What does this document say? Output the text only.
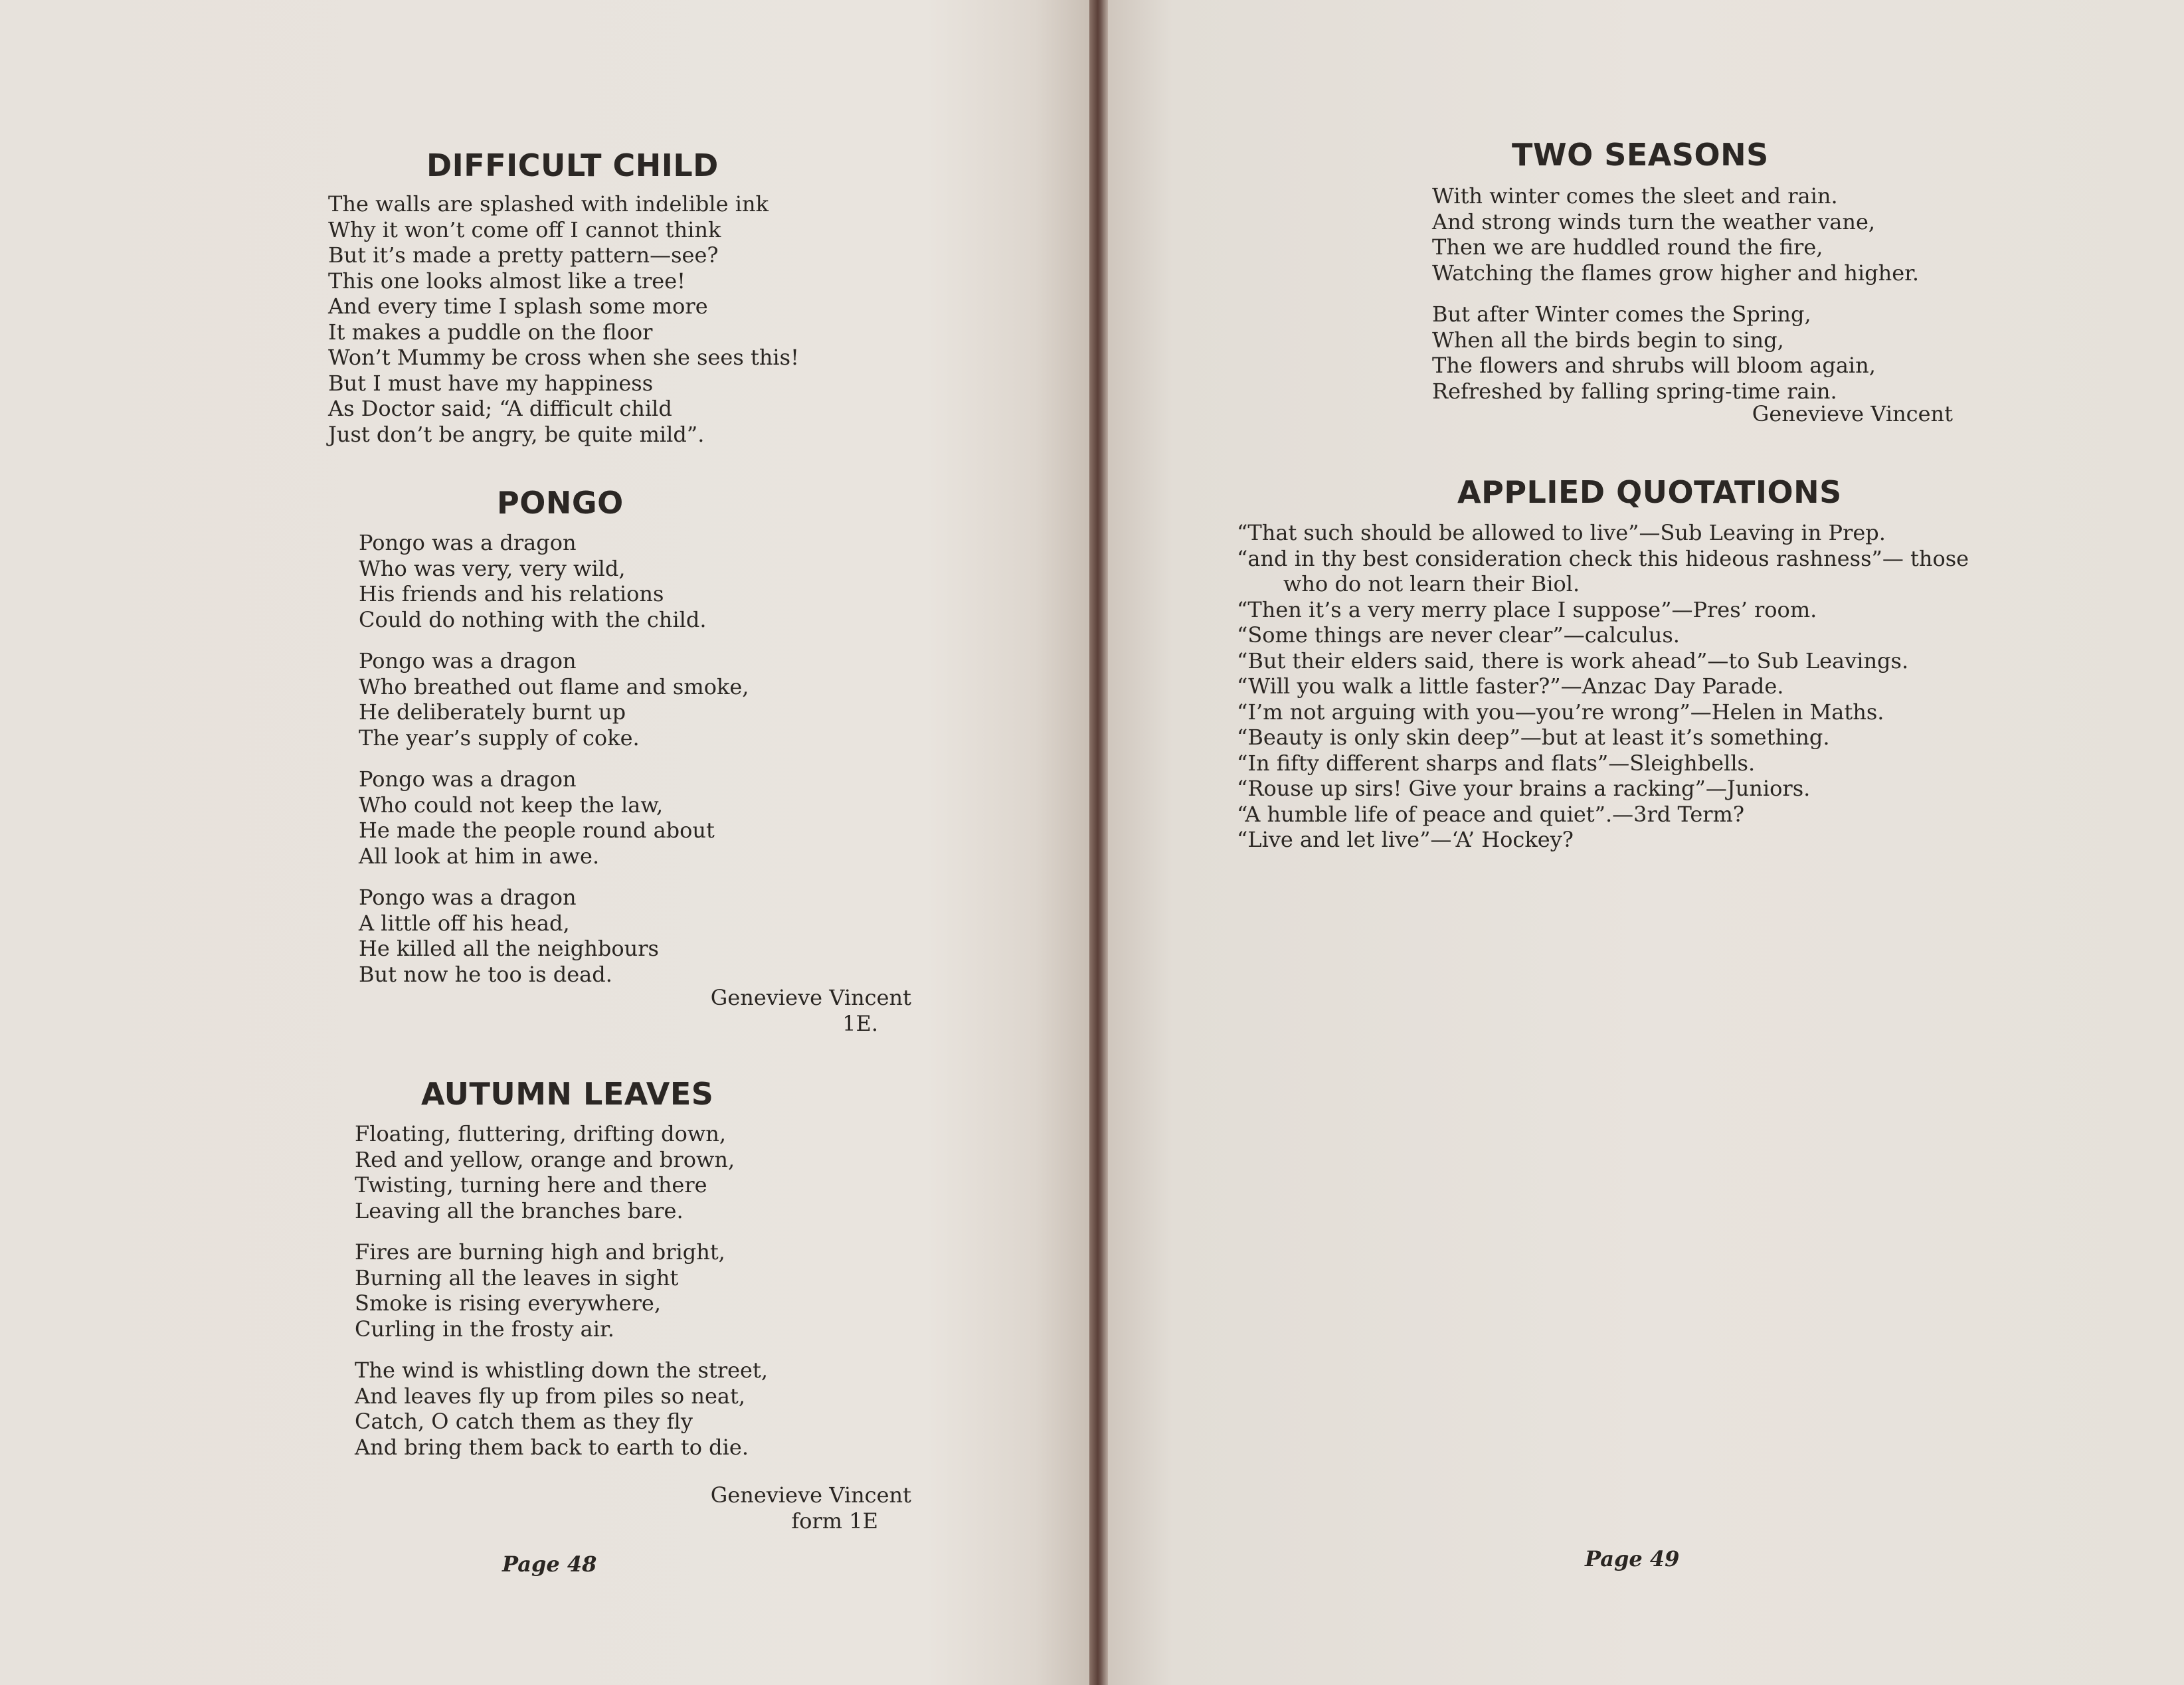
DIFFICULT CHILD
The walls are splashed with indelible ink
Why it won’t come off I cannot think
But it’s made a pretty pattern—see?
This one looks almost like a tree!
And every time I splash some more
It makes a puddle on the floor
Won’t Mummy be cross when she sees this!
But I must have my happiness
As Doctor said; “A difficult child
Just don’t be angry, be quite mild”.
PONGO
Pongo was a dragon
Who was very, very wild,
His friends and his relations
Could do nothing with the child.
Pongo was a dragon
Who breathed out flame and smoke,
He deliberately burnt up
The year’s supply of coke.
Pongo was a dragon
Who could not keep the law,
He made the people round about
All look at him in awe.
Pongo was a dragon
A little off his head,
He killed all the neighbours
But now he too is dead.
Genevieve Vincent
1E.
AUTUMN LEAVES
Floating, fluttering, drifting down,
Red and yellow, orange and brown,
Twisting, turning here and there
Leaving all the branches bare.
Fires are burning high and bright,
Burning all the leaves in sight
Smoke is rising everywhere,
Curling in the frosty air.
The wind is whistling down the street,
And leaves fly up from piles so neat,
Catch, O catch them as they fly
And bring them back to earth to die.
Genevieve Vincent
form 1E
Page 48
TWO SEASONS
With winter comes the sleet and rain.
And strong winds turn the weather vane,
Then we are huddled round the fire,
Watching the flames grow higher and higher.
But after Winter comes the Spring,
When all the birds begin to sing,
The flowers and shrubs will bloom again,
Refreshed by falling spring-time rain.
Genevieve Vincent
APPLIED QUOTATIONS
“That such should be allowed to live”—Sub Leaving in Prep.
“and in thy best consideration check this hideous rashness”— those
who do not learn their Biol.
“Then it’s a very merry place I suppose”—Pres’ room.
“Some things are never clear”—calculus.
“But their elders said, there is work ahead”—to Sub Leavings.
“Will you walk a little faster?”—Anzac Day Parade.
“I’m not arguing with you—you’re wrong”—Helen in Maths.
“Beauty is only skin deep”—but at least it’s something.
“In fifty different sharps and flats”—Sleighbells.
“Rouse up sirs! Give your brains a racking”—Juniors.
“A humble life of peace and quiet”.—3rd Term?
“Live and let live”—‘A’ Hockey?
Page 49
